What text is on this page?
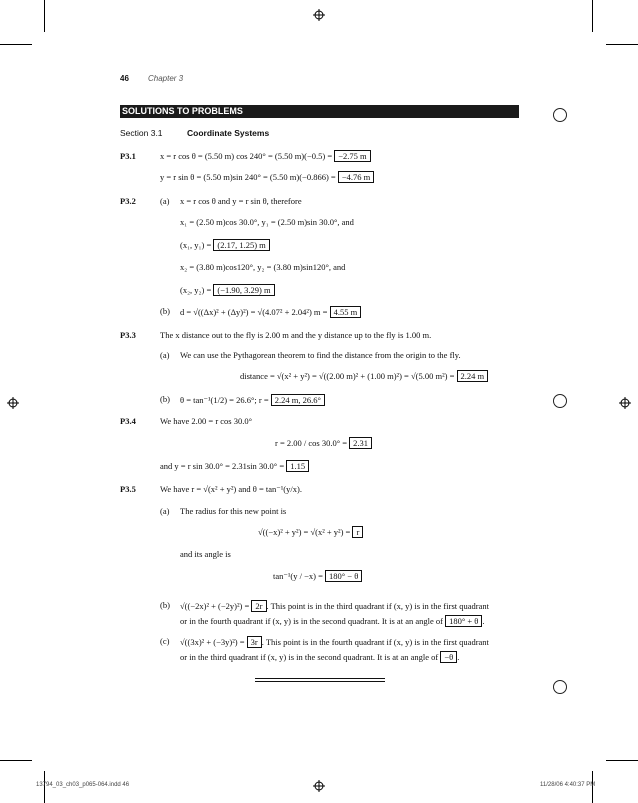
46 Chapter 3
SOLUTIONS TO PROBLEMS
Section 3.1	Coordinate Systems
P3.1	x = r cos θ = (5.50 m) cos 240° = (5.50 m)(−0.5) = −2.75 m
y = r sin θ = (5.50 m)sin 240° = (5.50 m)(−0.866) = −4.76 m
P3.2	(a) x = r cos θ and y = r sin θ, therefore
x₁ = (2.50 m)cos 30.0°, y₁ = (2.50 m)sin 30.0°, and
(x₁, y₁) = (2.17, 1.25) m
x₂ = (3.80 m)cos120°, y₂ = (3.80 m)sin120°, and
(x₂, y₂) = (−1.90, 3.29) m
(b) d = √((Δx)² + (Δy)²) = √(4.07² + 2.04²) m = 4.55 m
P3.3	The x distance out to the fly is 2.00 m and the y distance up to the fly is 1.00 m.
(a) We can use the Pythagorean theorem to find the distance from the origin to the fly.
distance = √(x² + y²) = √((2.00 m)² + (1.00 m)²) = √(5.00 m²) = 2.24 m
(b) θ = tan⁻¹(1/2) = 26.6°; r = 2.24 m, 26.6°
P3.4	We have 2.00 = r cos 30.0°
r = 2.00 / cos 30.0° = 2.31
and y = r sin 30.0° = 2.31sin 30.0° = 1.15
P3.5	We have r = √(x² + y²) and θ = tan⁻¹(y/x).
(a) The radius for this new point is
√((−x)² + y²) = √(x² + y²) = r
and its angle is
tan⁻¹(y / −x) = 180° − θ
(b) √((−2x)² + (−2y)²) = 2r . This point is in the third quadrant if (x, y) is in the first quadrant
or in the fourth quadrant if (x, y) is in the second quadrant. It is at an angle of 180° + θ .
(c) √((3x)² + (−3y)²) = 3r . This point is in the fourth quadrant if (x, y) is in the first quadrant
or in the third quadrant if (x, y) is in the second quadrant. It is at an angle of −θ .
13794_03_ch03_p065-064.indd 46	11/28/06 4:40:37 PM
